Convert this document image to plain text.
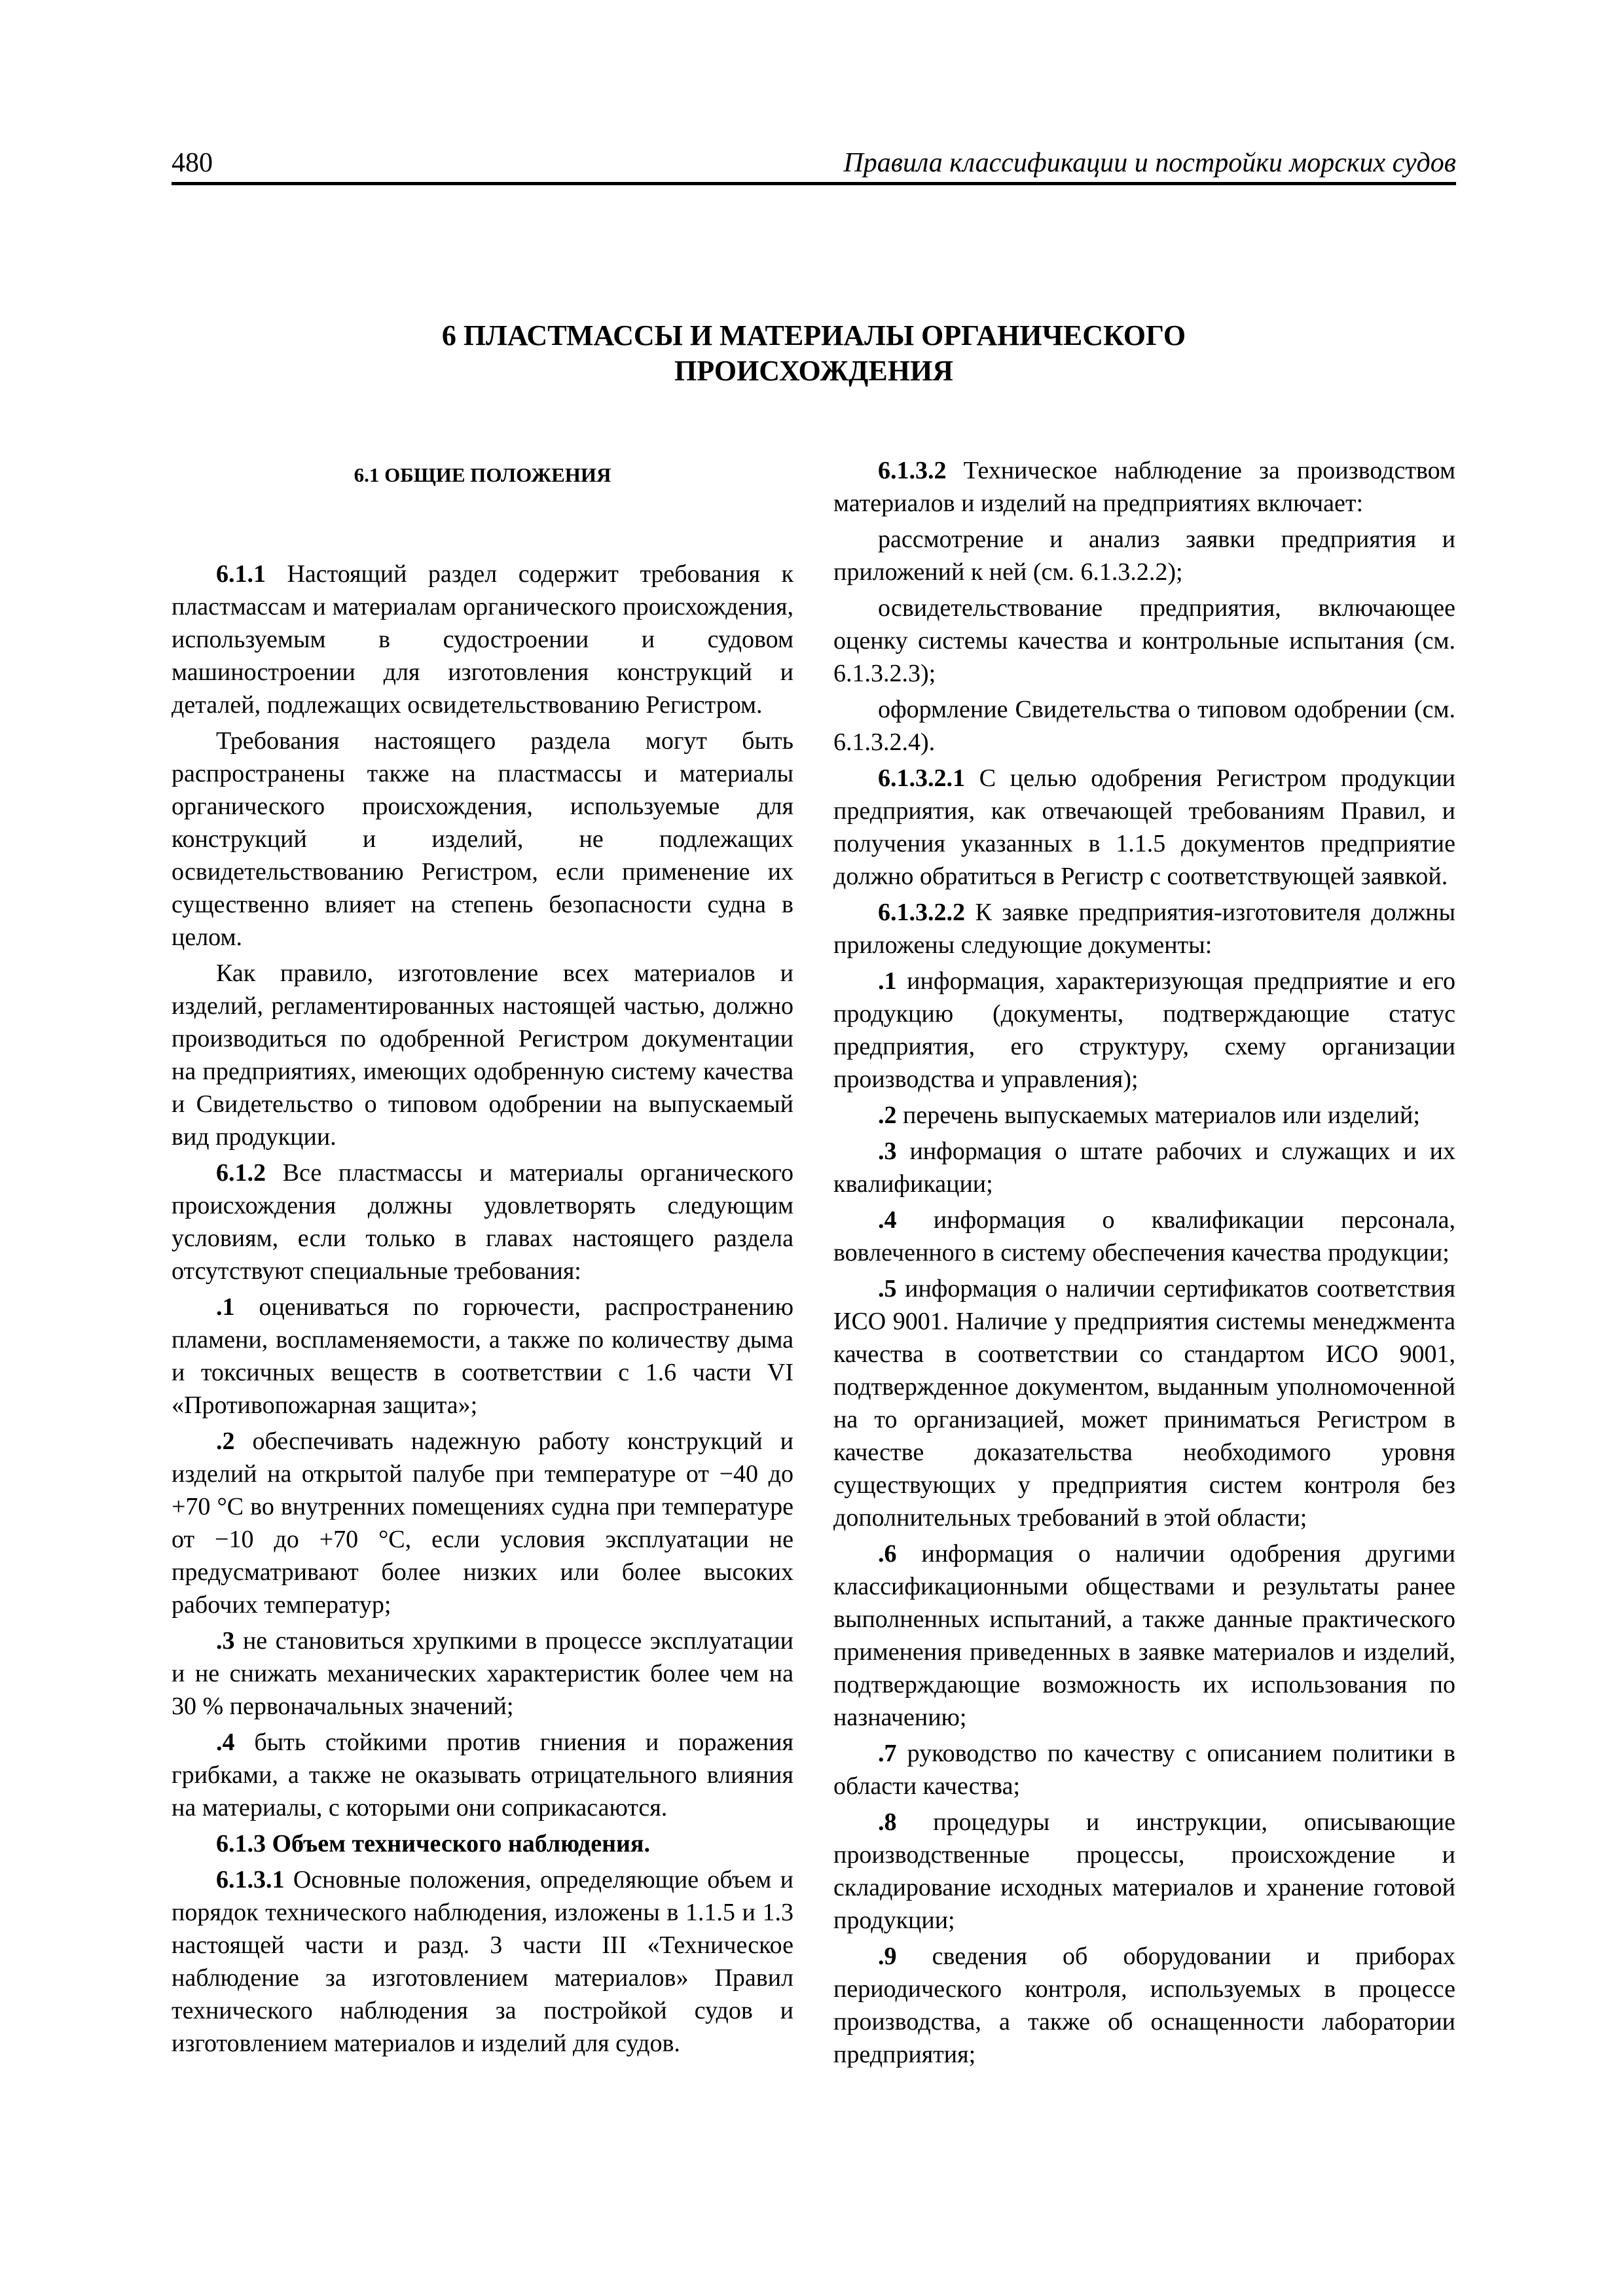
480	Правила классификации и постройки морских судов
6 ПЛАСТМАССЫ И МАТЕРИАЛЫ ОРГАНИЧЕСКОГО
ПРОИСХОЖДЕНИЯ
6.1 ОБЩИЕ ПОЛОЖЕНИЯ

6.1.1 Настоящий раздел содержит требования к пластмассам и материалам органического происхождения, используемым в судостроении и судовом машиностроении для изготовления конструкций и деталей, подлежащих освидетельствованию Регистром.

Требования настоящего раздела могут быть распространены также на пластмассы и материалы органического происхождения, используемые для конструкций и изделий, не подлежащих освидетельствованию Регистром, если применение их существенно влияет на степень безопасности судна в целом.

Как правило, изготовление всех материалов и изделий, регламентированных настоящей частью, должно производиться по одобренной Регистром документации на предприятиях, имеющих одобренную систему качества и Свидетельство о типовом одобрении на выпускаемый вид продукции.

6.1.2 Все пластмассы и материалы органического происхождения должны удовлетворять следующим условиям, если только в главах настоящего раздела отсутствуют специальные требования:

.1 оцениваться по горючести, распространению пламени, воспламеняемости, а также по количеству дыма и токсичных веществ в соответствии с 1.6 части VI «Противопожарная защита»;

.2 обеспечивать надежную работу конструкций и изделий на открытой палубе при температуре от −40 до +70 °С во внутренних помещениях судна при температуре от −10 до +70 °С, если условия эксплуатации не предусматривают более низких или более высоких рабочих температур;

.3 не становиться хрупкими в процессе эксплуатации и не снижать механических характеристик более чем на 30 % первоначальных значений;

.4 быть стойкими против гниения и поражения грибками, а также не оказывать отрицательного влияния на материалы, с которыми они соприкасаются.

6.1.3 Объем технического наблюдения.

6.1.3.1 Основные положения, определяющие объем и порядок технического наблюдения, изложены в 1.1.5 и 1.3 настоящей части и разд. 3 части III «Техническое наблюдение за изготовлением материалов» Правил технического наблюдения за постройкой судов и изготовлением материалов и изделий для судов.

6.1.3.2 Техническое наблюдение за производством материалов и изделий на предприятиях включает:

рассмотрение и анализ заявки предприятия и приложений к ней (см. 6.1.3.2.2);

освидетельствование предприятия, включающее оценку системы качества и контрольные испытания (см. 6.1.3.2.3);

оформление Свидетельства о типовом одобрении (см. 6.1.3.2.4).

6.1.3.2.1 С целью одобрения Регистром продукции предприятия, как отвечающей требованиям Правил, и получения указанных в 1.1.5 документов предприятие должно обратиться в Регистр с соответствующей заявкой.

6.1.3.2.2 К заявке предприятия-изготовителя должны приложены следующие документы:

.1 информация, характеризующая предприятие и его продукцию (документы, подтверждающие статус предприятия, его структуру, схему организации производства и управления);

.2 перечень выпускаемых материалов или изделий;

.3 информация о штате рабочих и служащих и их квалификации;

.4 информация о квалификации персонала, вовлеченного в систему обеспечения качества продукции;

.5 информация о наличии сертификатов соответствия ИСО 9001. Наличие у предприятия системы менеджмента качества в соответствии со стандартом ИСО 9001, подтвержденное документом, выданным уполномоченной на то организацией, может приниматься Регистром в качестве доказательства необходимого уровня существующих у предприятия систем контроля без дополнительных требований в этой области;

.6 информация о наличии одобрения другими классификационными обществами и результаты ранее выполненных испытаний, а также данные практического применения приведенных в заявке материалов и изделий, подтверждающие возможность их использования по назначению;

.7 руководство по качеству с описанием политики в области качества;

.8 процедуры и инструкции, описывающие производственные процессы, происхождение и складирование исходных материалов и хранение готовой продукции;

.9 сведения об оборудовании и приборах периодического контроля, используемых в процессе производства, а также об оснащенности лаборатории предприятия;
